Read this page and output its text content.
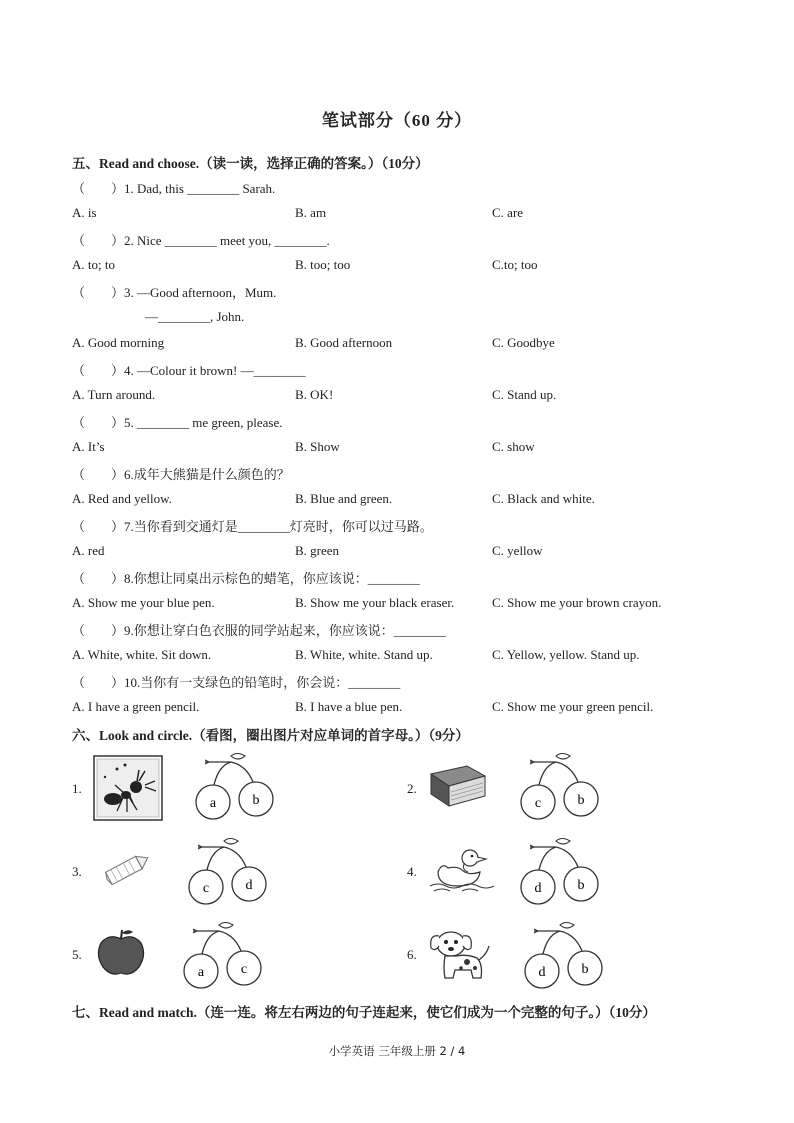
笔试部分（60 分）
五、Read and choose.（读一读，选择正确的答案。）（10分）
（　　）1. Dad, this ________ Sarah.
A. is	B. am	C. are
（　　）2. Nice ________ meet you, ________.
A. to; to	B. too; too	C.to; too
（　　）3. —Good afternoon，Mum.
—________, John.
A. Good morning	B. Good afternoon	C. Goodbye
（　　）4. —Colour it brown! —________
A. Turn around.	B. OK!	C. Stand up.
（　　）5. ________ me green, please.
A. It’s	B. Show	C. show
（　　）6.成年大熊猫是什么颜色的？
A. Red and yellow.	B. Blue and green.	C. Black and white.
（　　）7.当你看到交通灯是________灯亮时，你可以过马路。
A. red	B. green	C. yellow
（　　）8.你想让同桌出示棕色的蜡笔，你应该说：________
A. Show me your blue pen.	B. Show me your black eraser.	C. Show me your brown crayon.
（　　）9.你想让穿白色衣服的同学站起来，你应该说：________
A. White, white. Sit down.	B. White, white. Stand up.	C. Yellow, yellow. Stand up.
（　　）10.当你有一支绿色的铅笔时，你会说：________
A. I have a green pencil.	B. I have a blue pen.	C. Show me your green pencil.
六、Look and circle.（看图，圈出图片对应单词的首字母。）（9分）
1.
a	b
2.
c	b
3.
c	d
4.
d	b
5.
a	c
6.
d	b
七、Read and match.（连一连。将左右两边的句子连起来，使它们成为一个完整的句子。）（10分）
小学英语 三年级上册 2 / 4
